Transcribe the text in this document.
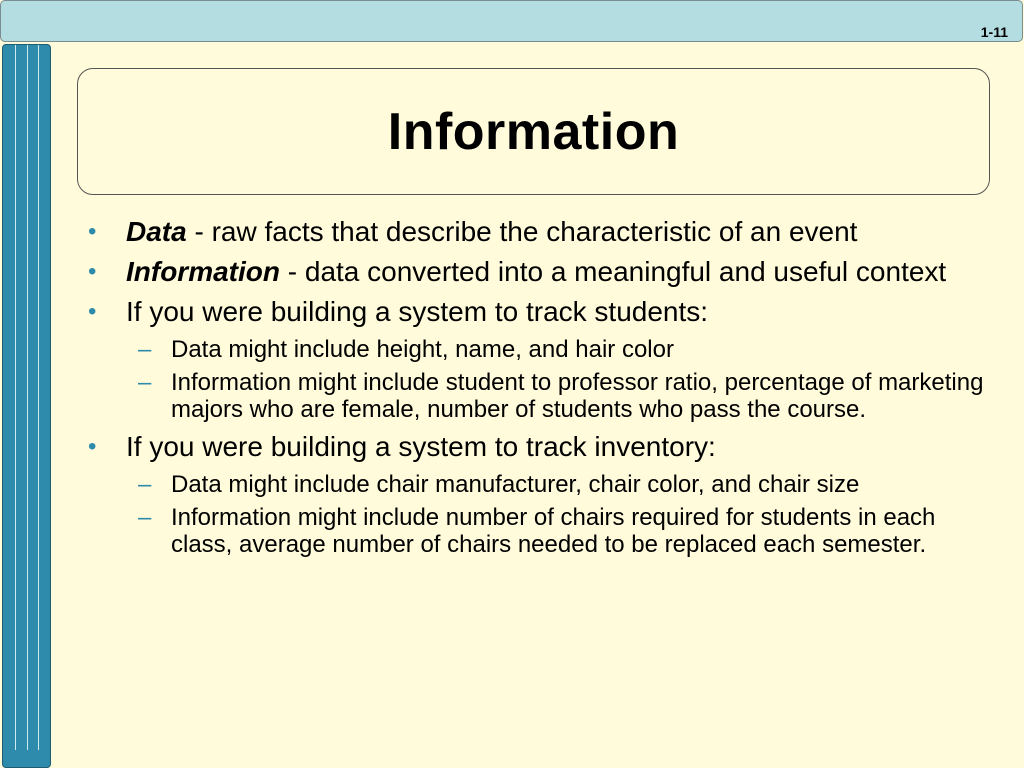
1-11
Information
• Data - raw facts that describe the characteristic of an event
• Information - data converted into a meaningful and useful context
• If you were building a system to track students:
– Data might include height, name, and hair color
– Information might include student to professor ratio, percentage of marketing majors who are female, number of students who pass the course.
• If you were building a system to track inventory:
– Data might include chair manufacturer, chair color, and chair size
– Information might include number of chairs required for students in each class, average number of chairs needed to be replaced each semester.
